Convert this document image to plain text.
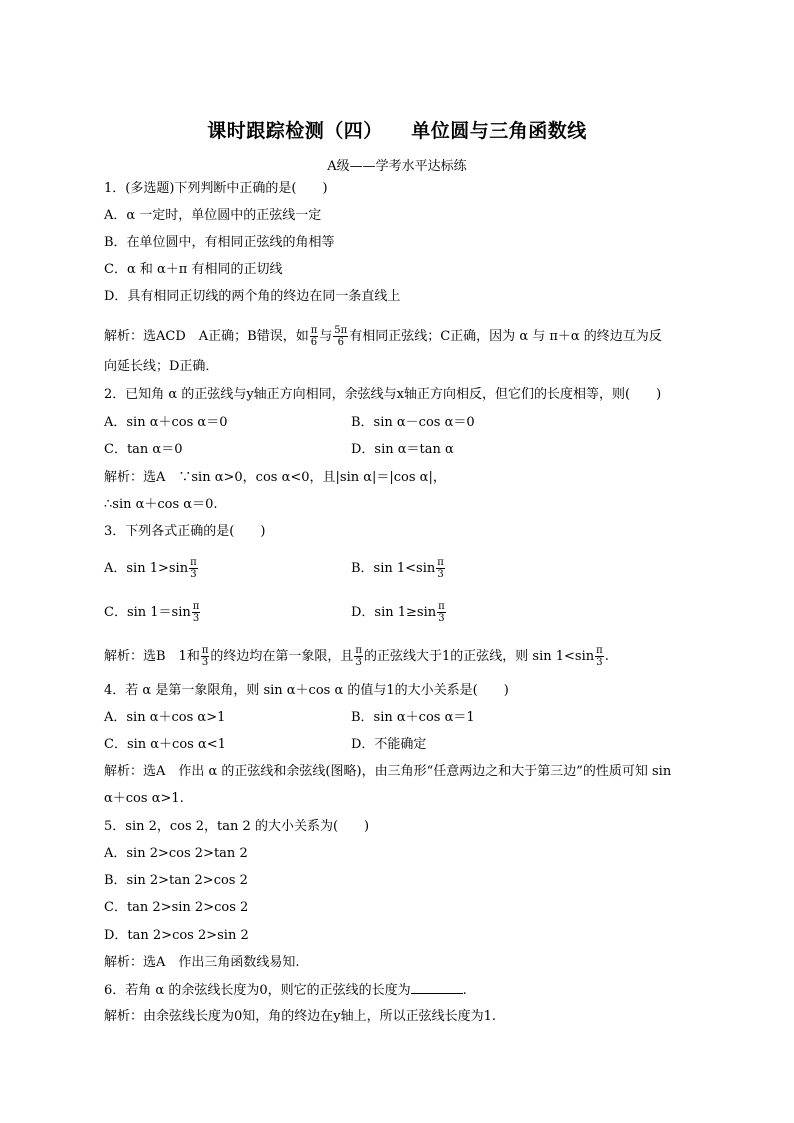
课时跟踪检测（四）    单位圆与三角函数线
A级——学考水平达标练
1．(多选题)下列判断中正确的是(　　)
A．α 一定时，单位圆中的正弦线一定
B．在单位圆中，有相同正弦线的角相等
C．α 和 α＋π 有相同的正切线
D．具有相同正切线的两个角的终边在同一条直线上
解析：选ACD　A正确；B错误，如 $\frac{\pi}{6}$ 与 $\frac{5\pi}{6}$ 有相同正弦线；C正确，因为 α 与 π＋α 的终边互为反
向延长线；D正确．
2．已知角 α 的正弦线与y轴正方向相同，余弦线与x轴正方向相反，但它们的长度相等，则(　　)
A．sin α＋cos α＝0	B．sin α－cos α＝0
C．tan α＝0	D．sin α＝tan α
解析：选A　∵sin α>0，cos α<0，且|sin α|＝|cos α|，
∴sin α＋cos α＝0.
3．下列各式正确的是(　　)
A．$\sin 1>\sin \frac{\pi}{3}$	B．$\sin 1<\sin \frac{\pi}{3}$
C．$\sin 1=\sin \frac{\pi}{3}$	D．$\sin 1\ge\sin \frac{\pi}{3}$
解析：选B　1和 $\frac{\pi}{3}$ 的终边均在第一象限，且 $\frac{\pi}{3}$ 的正弦线大于1的正弦线，则 $\sin 1<\sin \frac{\pi}{3}$ .
4．若 α 是第一象限角，则 sin α＋cos α 的值与1的大小关系是(　　)
A．sin α＋cos α>1	B．sin α＋cos α＝1
C．sin α＋cos α<1	D．不能确定
解析：选A　作出 α 的正弦线和余弦线(图略)，由三角形“任意两边之和大于第三边”的性质可知 sin
α＋cos α>1.
5．sin 2，cos 2，tan 2 的大小关系为(　　)
A．sin 2>cos 2>tan 2
B．sin 2>tan 2>cos 2
C．tan 2>sin 2>cos 2
D．tan 2>cos 2>sin 2
解析：选A　作出三角函数线易知.
6．若角 α 的余弦线长度为0，则它的正弦线的长度为	.
解析：由余弦线长度为0知，角的终边在y轴上，所以正弦线长度为1.
